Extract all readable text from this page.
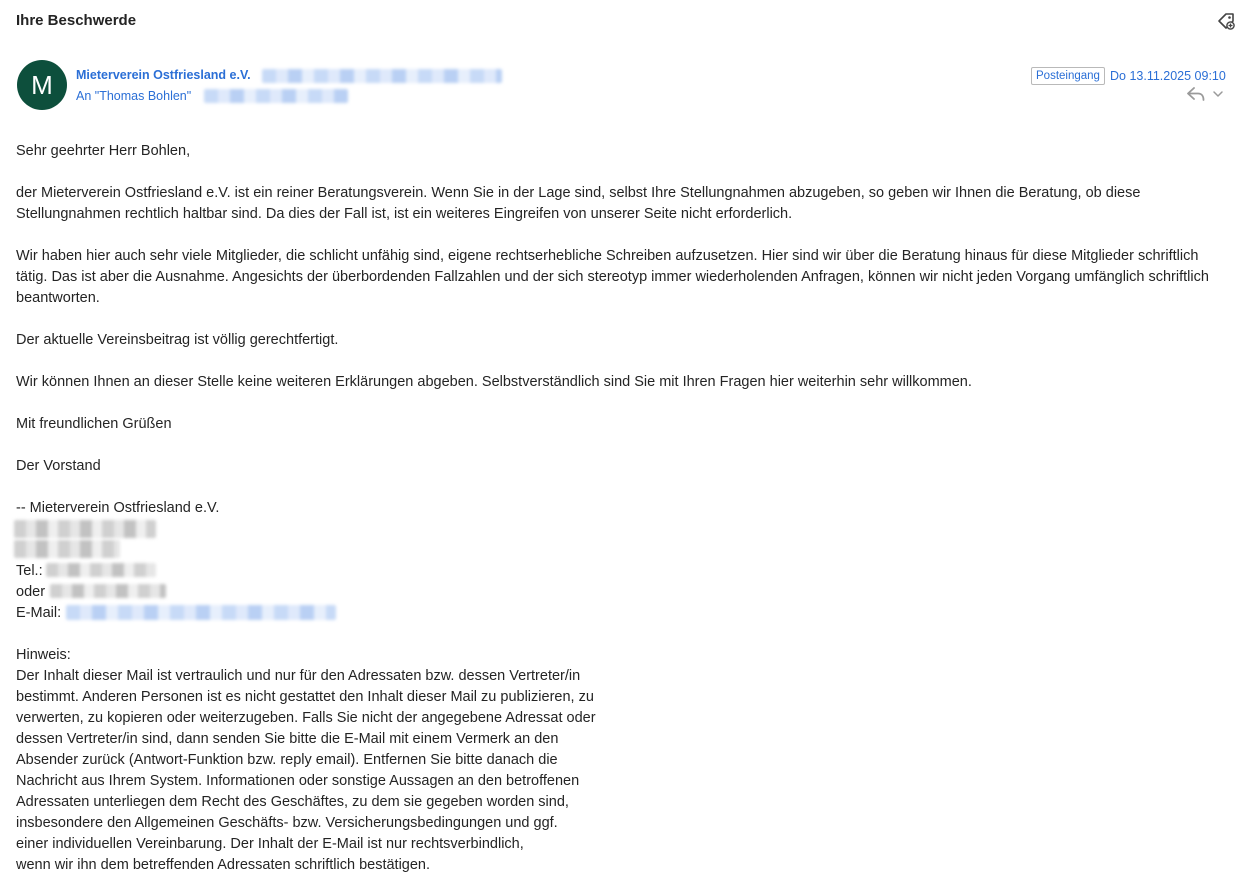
Ihre Beschwerde
M	Mieterverein Ostfriesland e.V.
An "Thomas Bohlen"
Posteingang Do 13.11.2025 09:10

Sehr geehrter Herr Bohlen,

der Mieterverein Ostfriesland e.V. ist ein reiner Beratungsverein. Wenn Sie in der Lage sind, selbst Ihre Stellungnahmen abzugeben, so geben wir Ihnen die Beratung, ob diese Stellungnahmen rechtlich haltbar sind. Da dies der Fall ist, ist ein weiteres Eingreifen von unserer Seite nicht erforderlich.

Wir haben hier auch sehr viele Mitglieder, die schlicht unfähig sind, eigene rechtserhebliche Schreiben aufzusetzen. Hier sind wir über die Beratung hinaus für diese Mitglieder schriftlich tätig. Das ist aber die Ausnahme. Angesichts der überbordenden Fallzahlen und der sich stereotyp immer wiederholenden Anfragen, können wir nicht jeden Vorgang umfänglich schriftlich beantworten.

Der aktuelle Vereinsbeitrag ist völlig gerechtfertigt.

Wir können Ihnen an dieser Stelle keine weiteren Erklärungen abgeben. Selbstverständlich sind Sie mit Ihren Fragen hier weiterhin sehr willkommen.

Mit freundlichen Grüßen

Der Vorstand

-- Mieterverein Ostfriesland e.V.
Tel.:
oder
E-Mail:
Hinweis:
Der Inhalt dieser Mail ist vertraulich und nur für den Adressaten bzw. dessen Vertreter/in
bestimmt. Anderen Personen ist es nicht gestattet den Inhalt dieser Mail zu publizieren, zu
verwerten, zu kopieren oder weiterzugeben. Falls Sie nicht der angegebene Adressat oder
dessen Vertreter/in sind, dann senden Sie bitte die E-Mail mit einem Vermerk an den
Absender zurück (Antwort-Funktion bzw. reply email). Entfernen Sie bitte danach die
Nachricht aus Ihrem System. Informationen oder sonstige Aussagen an den betroffenen
Adressaten unterliegen dem Recht des Geschäftes, zu dem sie gegeben worden sind,
insbesondere den Allgemeinen Geschäfts- bzw. Versicherungsbedingungen und ggf.
einer individuellen Vereinbarung. Der Inhalt der E-Mail ist nur rechtsverbindlich,
wenn wir ihn dem betreffenden Adressaten schriftlich bestätigen.
